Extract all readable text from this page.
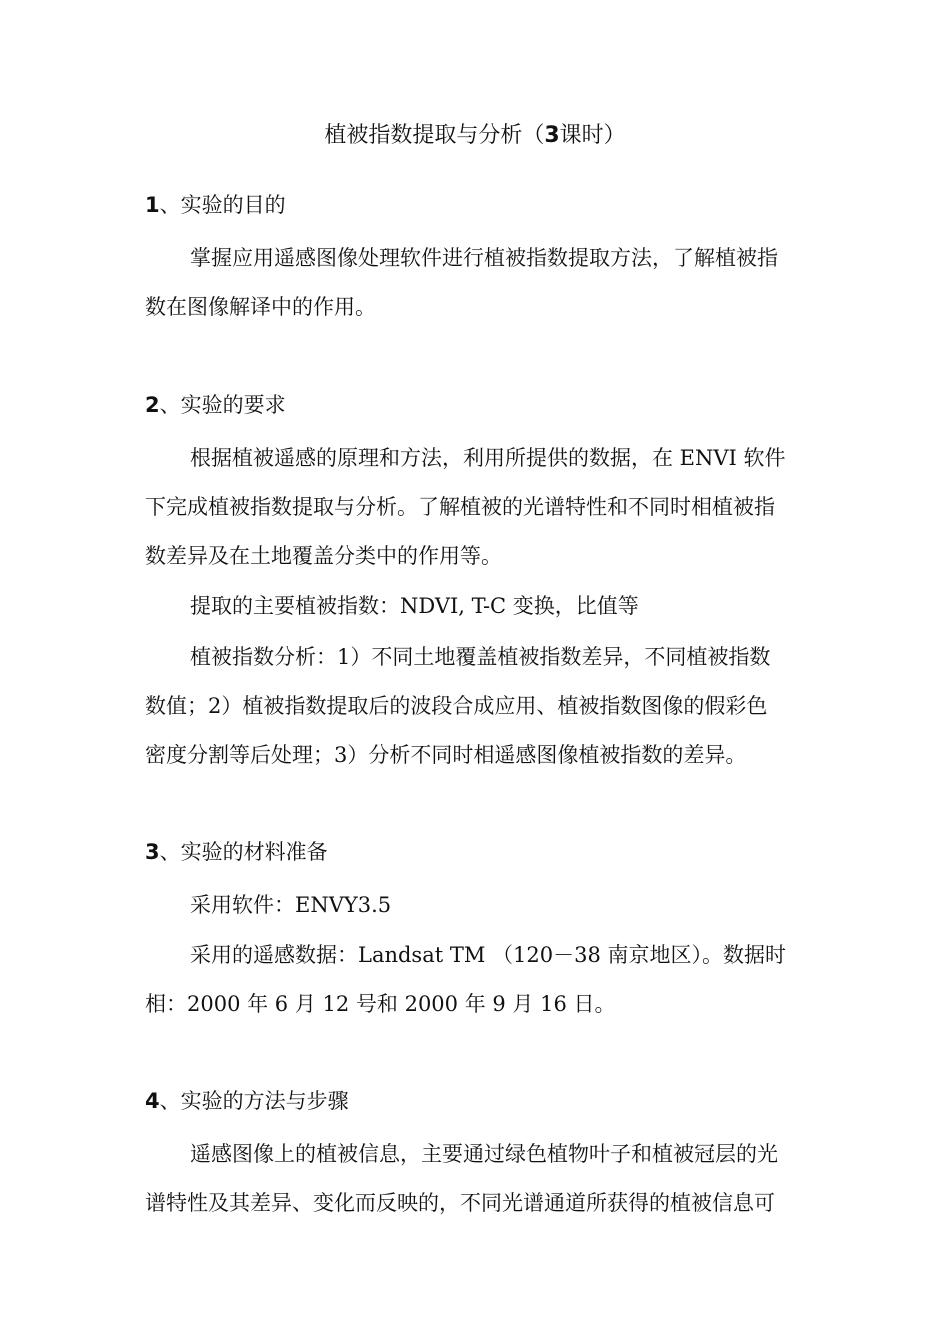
植被指数提取与分析（3课时）
1、实验的目的
掌握应用遥感图像处理软件进行植被指数提取方法，了解植被指
数在图像解译中的作用。
2、实验的要求
根据植被遥感的原理和方法，利用所提供的数据，在 ENVI 软件
下完成植被指数提取与分析。了解植被的光谱特性和不同时相植被指
数差异及在土地覆盖分类中的作用等。
提取的主要植被指数：NDVI, T-C 变换，比值等
植被指数分析：1）不同土地覆盖植被指数差异，不同植被指数
数值；2）植被指数提取后的波段合成应用、植被指数图像的假彩色
密度分割等后处理；3）分析不同时相遥感图像植被指数的差异。
3、实验的材料准备
采用软件：ENVY3.5
采用的遥感数据：Landsat TM （120－38 南京地区）。数据时
相：2000 年 6 月 12 号和 2000 年 9 月 16 日。
4、实验的方法与步骤
遥感图像上的植被信息，主要通过绿色植物叶子和植被冠层的光
谱特性及其差异、变化而反映的，不同光谱通道所获得的植被信息可
